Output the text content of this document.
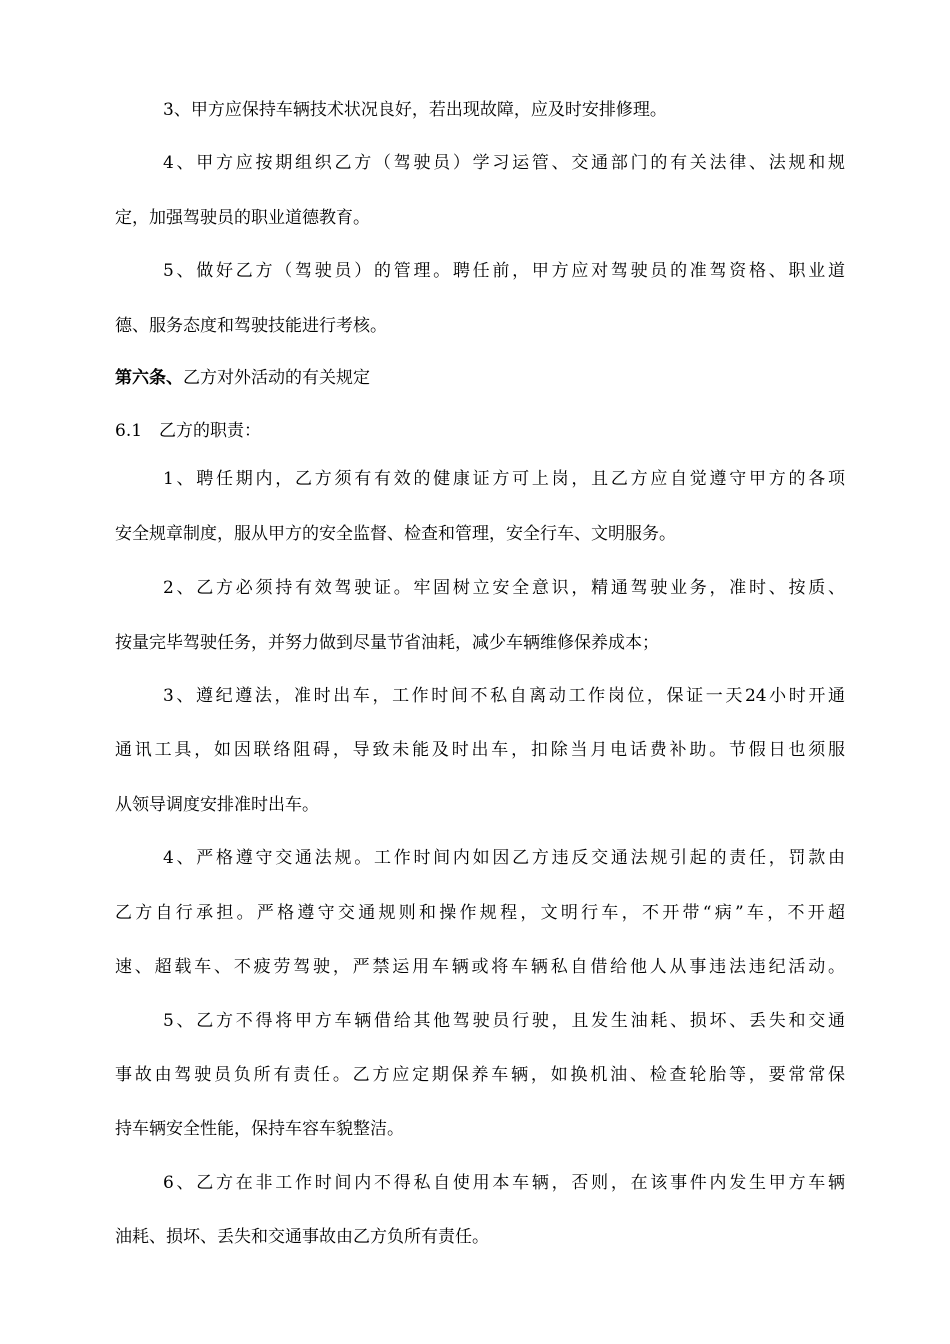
3、甲方应保持车辆技术状况良好，若出现故障，应及时安排修理。
4、甲方应按期组织乙方（驾驶员）学习运管、交通部门的有关法律、法规和规
定，加强驾驶员的职业道德教育。
5、做好乙方（驾驶员）的管理。聘任前，甲方应对驾驶员的准驾资格、职业道
德、服务态度和驾驶技能进行考核。
第六条、乙方对外活动的有关规定
6.1　乙方的职责：
1、聘任期内，乙方须有有效的健康证方可上岗，且乙方应自觉遵守甲方的各项
安全规章制度，服从甲方的安全监督、检查和管理，安全行车、文明服务。
2、乙方必须持有效驾驶证。牢固树立安全意识，精通驾驶业务，准时、按质、
按量完毕驾驶任务，并努力做到尽量节省油耗，减少车辆维修保养成本；
3、遵纪遵法，准时出车，工作时间不私自离动工作岗位，保证一天24小时开通
通讯工具，如因联络阻碍，导致未能及时出车，扣除当月电话费补助。节假日也须服
从领导调度安排准时出车。
4、严格遵守交通法规。工作时间内如因乙方违反交通法规引起的责任，罚款由
乙方自行承担。严格遵守交通规则和操作规程，文明行车，不开带“病”车，不开超
速、超载车、不疲劳驾驶，严禁运用车辆或将车辆私自借给他人从事违法违纪活动。
5、乙方不得将甲方车辆借给其他驾驶员行驶，且发生油耗、损坏、丢失和交通
事故由驾驶员负所有责任。乙方应定期保养车辆，如换机油、检查轮胎等，要常常保
持车辆安全性能，保持车容车貌整洁。
6、乙方在非工作时间内不得私自使用本车辆，否则，在该事件内发生甲方车辆
油耗、损坏、丢失和交通事故由乙方负所有责任。
